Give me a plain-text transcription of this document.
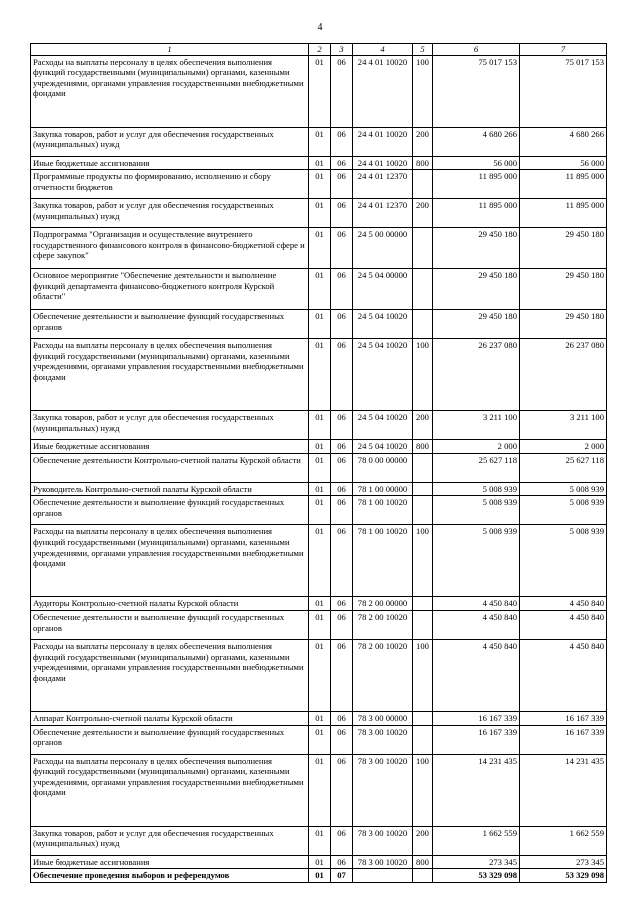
4
1	2	3	4	5	6	7
Расходы на выплаты персоналу в целях обеспечения выполнения функций государственными (муниципальными) органами, казенными учреждениями, органами управления государственными внебюджетными фондами	01	06	24 4 01 10020	100	75 017 153	75 017 153
Закупка товаров, работ и услуг для обеспечения государственных (муниципальных) нужд	01	06	24 4 01 10020	200	4 680 266	4 680 266
Иные бюджетные ассигнования	01	06	24 4 01 10020	800	56 000	56 000
Программные продукты по формированию, исполнению и сбору отчетности бюджетов	01	06	24 4 01 12370		11 895 000	11 895 000
Закупка товаров, работ и услуг для обеспечения государственных (муниципальных) нужд	01	06	24 4 01 12370	200	11 895 000	11 895 000
Подпрограмма "Организация и осуществление внутреннего государственного финансового контроля в финансово-бюджетной сфере и сфере закупок"	01	06	24 5 00 00000		29 450 180	29 450 180
Основное мероприятие "Обеспечение деятельности и выполнение функций департамента финансово-бюджетного контроля Курской области"	01	06	24 5 04 00000		29 450 180	29 450 180
Обеспечение деятельности и выполнение функций государственных органов	01	06	24 5 04 10020		29 450 180	29 450 180
Расходы на выплаты персоналу в целях обеспечения выполнения функций государственными (муниципальными) органами, казенными учреждениями, органами управления государственными внебюджетными фондами	01	06	24 5 04 10020	100	26 237 080	26 237 080
Закупка товаров, работ и услуг для обеспечения государственных (муниципальных) нужд	01	06	24 5 04 10020	200	3 211 100	3 211 100
Иные бюджетные ассигнования	01	06	24 5 04 10020	800	2 000	2 000
Обеспечение деятельности Контрольно-счетной палаты Курской области	01	06	78 0 00 00000		25 627 118	25 627 118
Руководитель Контрольно-счетной палаты Курской области	01	06	78 1 00 00000		5 008 939	5 008 939
Обеспечение деятельности и выполнение функций государственных органов	01	06	78 1 00 10020		5 008 939	5 008 939
Расходы на выплаты персоналу в целях обеспечения выполнения функций государственными (муниципальными) органами, казенными учреждениями, органами управления государственными внебюджетными фондами	01	06	78 1 00 10020	100	5 008 939	5 008 939
Аудиторы Контрольно-счетной палаты Курской области	01	06	78 2 00 00000		4 450 840	4 450 840
Обеспечение деятельности и выполнение функций государственных органов	01	06	78 2 00 10020		4 450 840	4 450 840
Расходы на выплаты персоналу в целях обеспечения выполнения функций государственными (муниципальными) органами, казенными учреждениями, органами управления государственными внебюджетными фондами	01	06	78 2 00 10020	100	4 450 840	4 450 840
Аппарат Контрольно-счетной палаты Курской области	01	06	78 3 00 00000		16 167 339	16 167 339
Обеспечение деятельности и выполнение функций государственных органов	01	06	78 3 00 10020		16 167 339	16 167 339
Расходы на выплаты персоналу в целях обеспечения выполнения функций государственными (муниципальными) органами, казенными учреждениями, органами управления государственными внебюджетными фондами	01	06	78 3 00 10020	100	14 231 435	14 231 435
Закупка товаров, работ и услуг для обеспечения государственных (муниципальных) нужд	01	06	78 3 00 10020	200	1 662 559	1 662 559
Иные бюджетные ассигнования	01	06	78 3 00 10020	800	273 345	273 345
Обеспечение проведения выборов и референдумов	01	07			53 329 098	53 329 098
